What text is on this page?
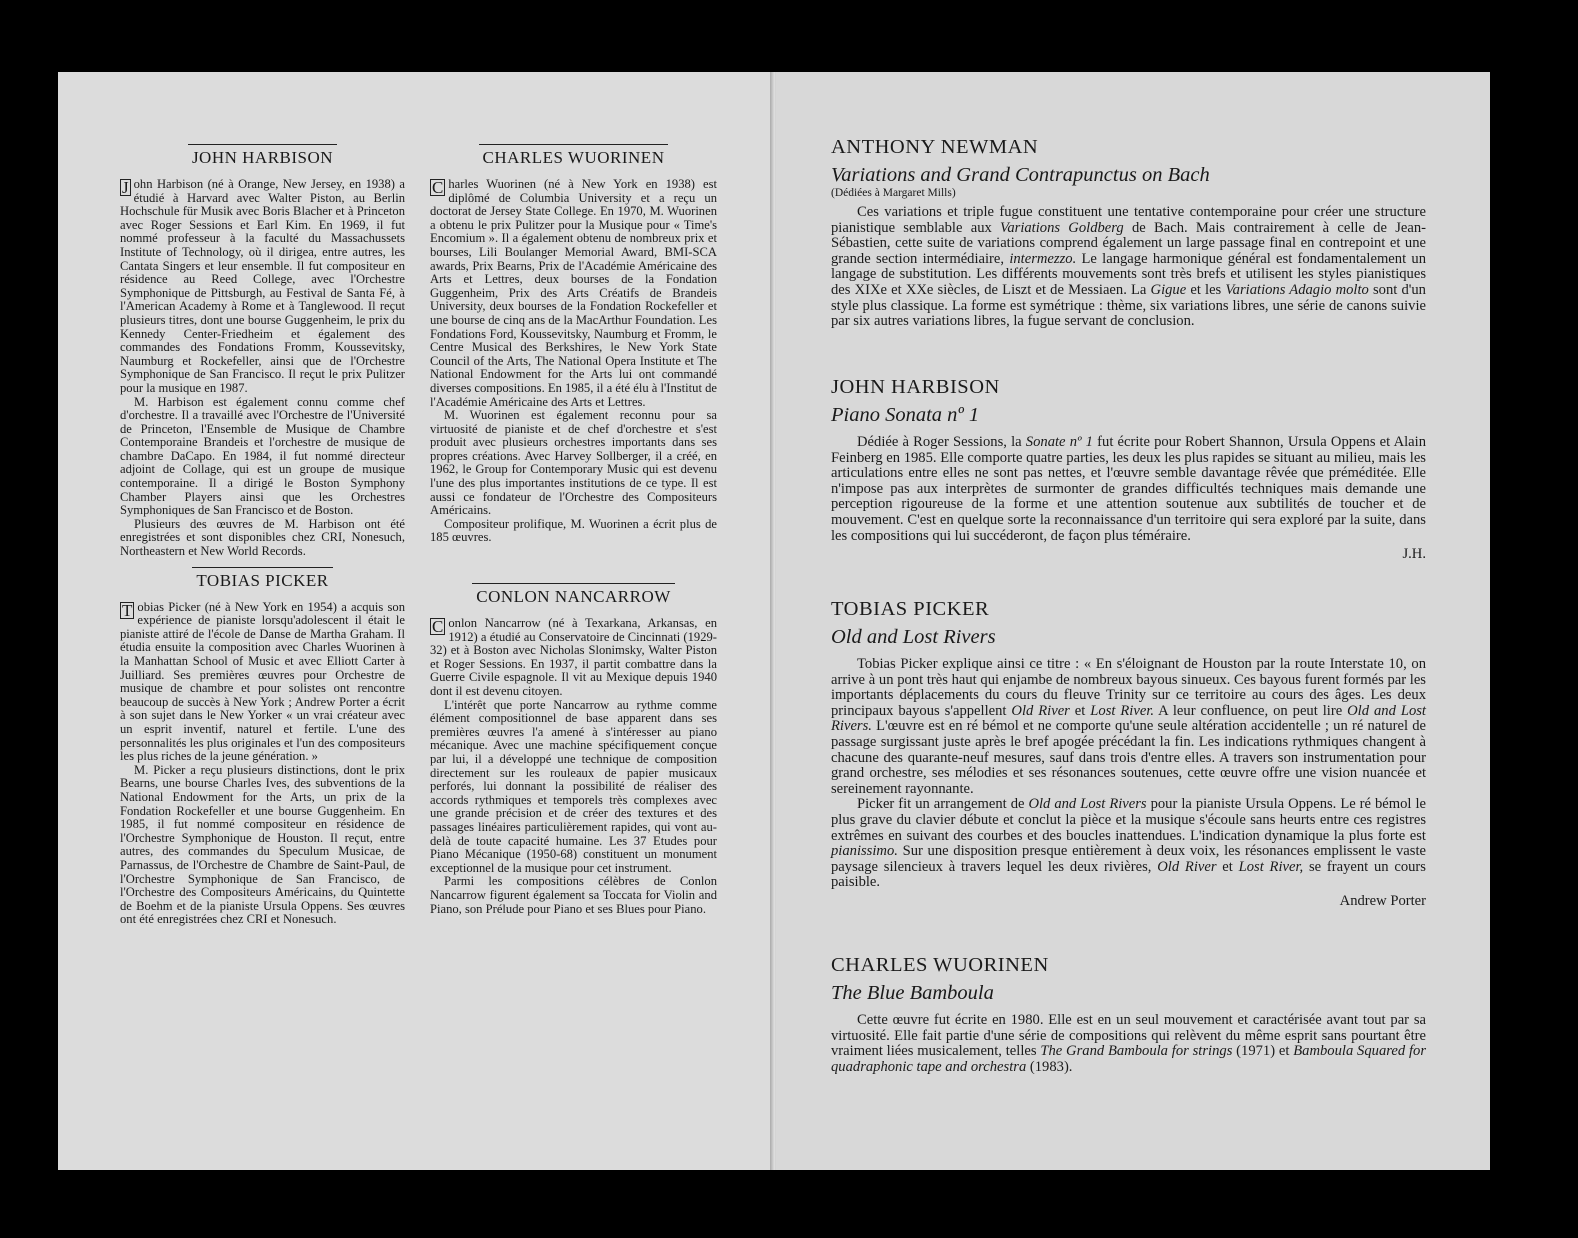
JOHN HARBISON

J ohn Harbison (né à Orange, New Jersey, en 1938) a étudié à Harvard avec Walter Piston, au Berlin Hochschule für Musik avec Boris Blacher et à Princeton avec Roger Sessions et Earl Kim. En 1969, il fut nommé professeur à la faculté du Massachussets Institute of Technology, où il dirigea, entre autres, les Cantata Singers et leur ensemble. Il fut compositeur en résidence au Reed College, avec l'Orchestre Symphonique de Pittsburgh, au Festival de Santa Fé, à l'American Academy à Rome et à Tanglewood. Il reçut plusieurs titres, dont une bourse Guggenheim, le prix du Kennedy Center-Friedheim et également des commandes des Fondations Fromm, Koussevitsky, Naumburg et Rockefeller, ainsi que de l'Orchestre Symphonique de San Francisco. Il reçut le prix Pulitzer pour la musique en 1987.

M. Harbison est également connu comme chef d'orchestre. Il a travaillé avec l'Orchestre de l'Université de Princeton, l'Ensemble de Musique de Chambre Contemporaine Brandeis et l'orchestre de musique de chambre DaCapo. En 1984, il fut nommé directeur adjoint de Collage, qui est un groupe de musique contemporaine. Il a dirigé le Boston Symphony Chamber Players ainsi que les Orchestres Symphoniques de San Francisco et de Boston.

Plusieurs des œuvres de M. Harbison ont été enregistrées et sont disponibles chez CRI, Nonesuch, Northeastern et New World Records.

TOBIAS PICKER

T obias Picker (né à New York en 1954) a acquis son expérience de pianiste lorsqu'adolescent il était le pianiste attiré de l'école de Danse de Martha Graham. Il étudia ensuite la composition avec Charles Wuorinen à la Manhattan School of Music et avec Elliott Carter à Juilliard. Ses premières œuvres pour Orchestre de musique de chambre et pour solistes ont rencontre beaucoup de succès à New York ; Andrew Porter a écrit à son sujet dans le New Yorker « un vrai créateur avec un esprit inventif, naturel et fertile. L'une des personnalités les plus originales et l'un des compositeurs les plus riches de la jeune génération. »

M. Picker a reçu plusieurs distinctions, dont le prix Bearns, une bourse Charles Ives, des subventions de la National Endowment for the Arts, un prix de la Fondation Rockefeller et une bourse Guggenheim. En 1985, il fut nommé compositeur en résidence de l'Orchestre Symphonique de Houston. Il reçut, entre autres, des commandes du Speculum Musicae, de Parnassus, de l'Orchestre de Chambre de Saint-Paul, de l'Orchestre Symphonique de San Francisco, de l'Orchestre des Compositeurs Américains, du Quintette de Boehm et de la pianiste Ursula Oppens. Ses œuvres ont été enregistrées chez CRI et Nonesuch.

CHARLES WUORINEN

C harles Wuorinen (né à New York en 1938) est diplômé de Columbia University et a reçu un doctorat de Jersey State College. En 1970, M. Wuorinen a obtenu le prix Pulitzer pour la Musique pour « Time's Encomium ». Il a également obtenu de nombreux prix et bourses, Lili Boulanger Memorial Award, BMI-SCA awards, Prix Bearns, Prix de l'Académie Américaine des Arts et Lettres, deux bourses de la Fondation Guggenheim, Prix des Arts Créatifs de Brandeis University, deux bourses de la Fondation Rockefeller et une bourse de cinq ans de la MacArthur Foundation. Les Fondations Ford, Koussevitsky, Naumburg et Fromm, le Centre Musical des Berkshires, le New York State Council of the Arts, The National Opera Institute et The National Endowment for the Arts lui ont commandé diverses compositions. En 1985, il a été élu à l'Institut de l'Académie Américaine des Arts et Lettres.

M. Wuorinen est également reconnu pour sa virtuosité de pianiste et de chef d'orchestre et s'est produit avec plusieurs orchestres importants dans ses propres créations. Avec Harvey Sollberger, il a créé, en 1962, le Group for Contemporary Music qui est devenu l'une des plus importantes institutions de ce type. Il est aussi ce fondateur de l'Orchestre des Compositeurs Américains.

Compositeur prolifique, M. Wuorinen a écrit plus de 185 œuvres.

CONLON NANCARROW

C onlon Nancarrow (né à Texarkana, Arkansas, en 1912) a étudié au Conservatoire de Cincinnati (1929-32) et à Boston avec Nicholas Slonimsky, Walter Piston et Roger Sessions. En 1937, il partit combattre dans la Guerre Civile espagnole. Il vit au Mexique depuis 1940 dont il est devenu citoyen.

L'intérêt que porte Nancarrow au rythme comme élément compositionnel de base apparent dans ses premières œuvres l'a amené à s'intéresser au piano mécanique. Avec une machine spécifiquement conçue par lui, il a développé une technique de composition directement sur les rouleaux de papier musicaux perforés, lui donnant la possibilité de réaliser des accords rythmiques et temporels très complexes avec une grande précision et de créer des textures et des passages linéaires particulièrement rapides, qui vont au-delà de toute capacité humaine. Les 37 Etudes pour Piano Mécanique (1950-68) constituent un monument exceptionnel de la musique pour cet instrument.

Parmi les compositions célèbres de Conlon Nancarrow figurent également sa Toccata for Violin and Piano, son Prélude pour Piano et ses Blues pour Piano.

ANTHONY NEWMAN
Variations and Grand Contrapunctus on Bach
(Dédiées à Margaret Mills)

Ces variations et triple fugue constituent une tentative contemporaine pour créer une structure pianistique semblable aux Variations Goldberg de Bach. Mais contrairement à celle de Jean-Sébastien, cette suite de variations comprend également un large passage final en contrepoint et une grande section intermédiaire, intermezzo. Le langage harmonique général est fondamentalement un langage de substitution. Les différents mouvements sont très brefs et utilisent les styles pianistiques des XIXe et XXe siècles, de Liszt et de Messiaen. La Gigue et les Variations Adagio molto sont d'un style plus classique. La forme est symétrique : thème, six variations libres, une série de canons suivie par six autres variations libres, la fugue servant de conclusion.

JOHN HARBISON
Piano Sonata nº 1

Dédiée à Roger Sessions, la Sonate nº 1 fut écrite pour Robert Shannon, Ursula Oppens et Alain Feinberg en 1985. Elle comporte quatre parties, les deux les plus rapides se situant au milieu, mais les articulations entre elles ne sont pas nettes, et l'œuvre semble davantage rêvée que préméditée. Elle n'impose pas aux interprètes de surmonter de grandes difficultés techniques mais demande une perception rigoureuse de la forme et une attention soutenue aux subtilités de toucher et de mouvement. C'est en quelque sorte la reconnaissance d'un territoire qui sera exploré par la suite, dans les compositions qui lui succéderont, de façon plus téméraire.

J.H.
TOBIAS PICKER
Old and Lost Rivers

Tobias Picker explique ainsi ce titre : « En s'éloignant de Houston par la route Interstate 10, on arrive à un pont très haut qui enjambe de nombreux bayous sinueux. Ces bayous furent formés par les importants déplacements du cours du fleuve Trinity sur ce territoire au cours des âges. Les deux principaux bayous s'appellent Old River et Lost River. A leur confluence, on peut lire Old and Lost Rivers. L'œuvre est en ré bémol et ne comporte qu'une seule altération accidentelle ; un ré naturel de passage surgissant juste après le bref apogée précédant la fin. Les indications rythmiques changent à chacune des quarante-neuf mesures, sauf dans trois d'entre elles. A travers son instrumentation pour grand orchestre, ses mélodies et ses résonances soutenues, cette œuvre offre une vision nuancée et sereinement rayonnante.

Picker fit un arrangement de Old and Lost Rivers pour la pianiste Ursula Oppens. Le ré bémol le plus grave du clavier débute et conclut la pièce et la musique s'écoule sans heurts entre ces registres extrêmes en suivant des courbes et des boucles inattendues. L'indication dynamique la plus forte est pianissimo. Sur une disposition presque entièrement à deux voix, les résonances emplissent le vaste paysage silencieux à travers lequel les deux rivières, Old River et Lost River, se frayent un cours paisible.

Andrew Porter
CHARLES WUORINEN
The Blue Bamboula

Cette œuvre fut écrite en 1980. Elle est en un seul mouvement et caractérisée avant tout par sa virtuosité. Elle fait partie d'une série de compositions qui relèvent du même esprit sans pourtant être vraiment liées musicalement, telles The Grand Bamboula for strings (1971) et Bamboula Squared for quadraphonic tape and orchestra (1983).
